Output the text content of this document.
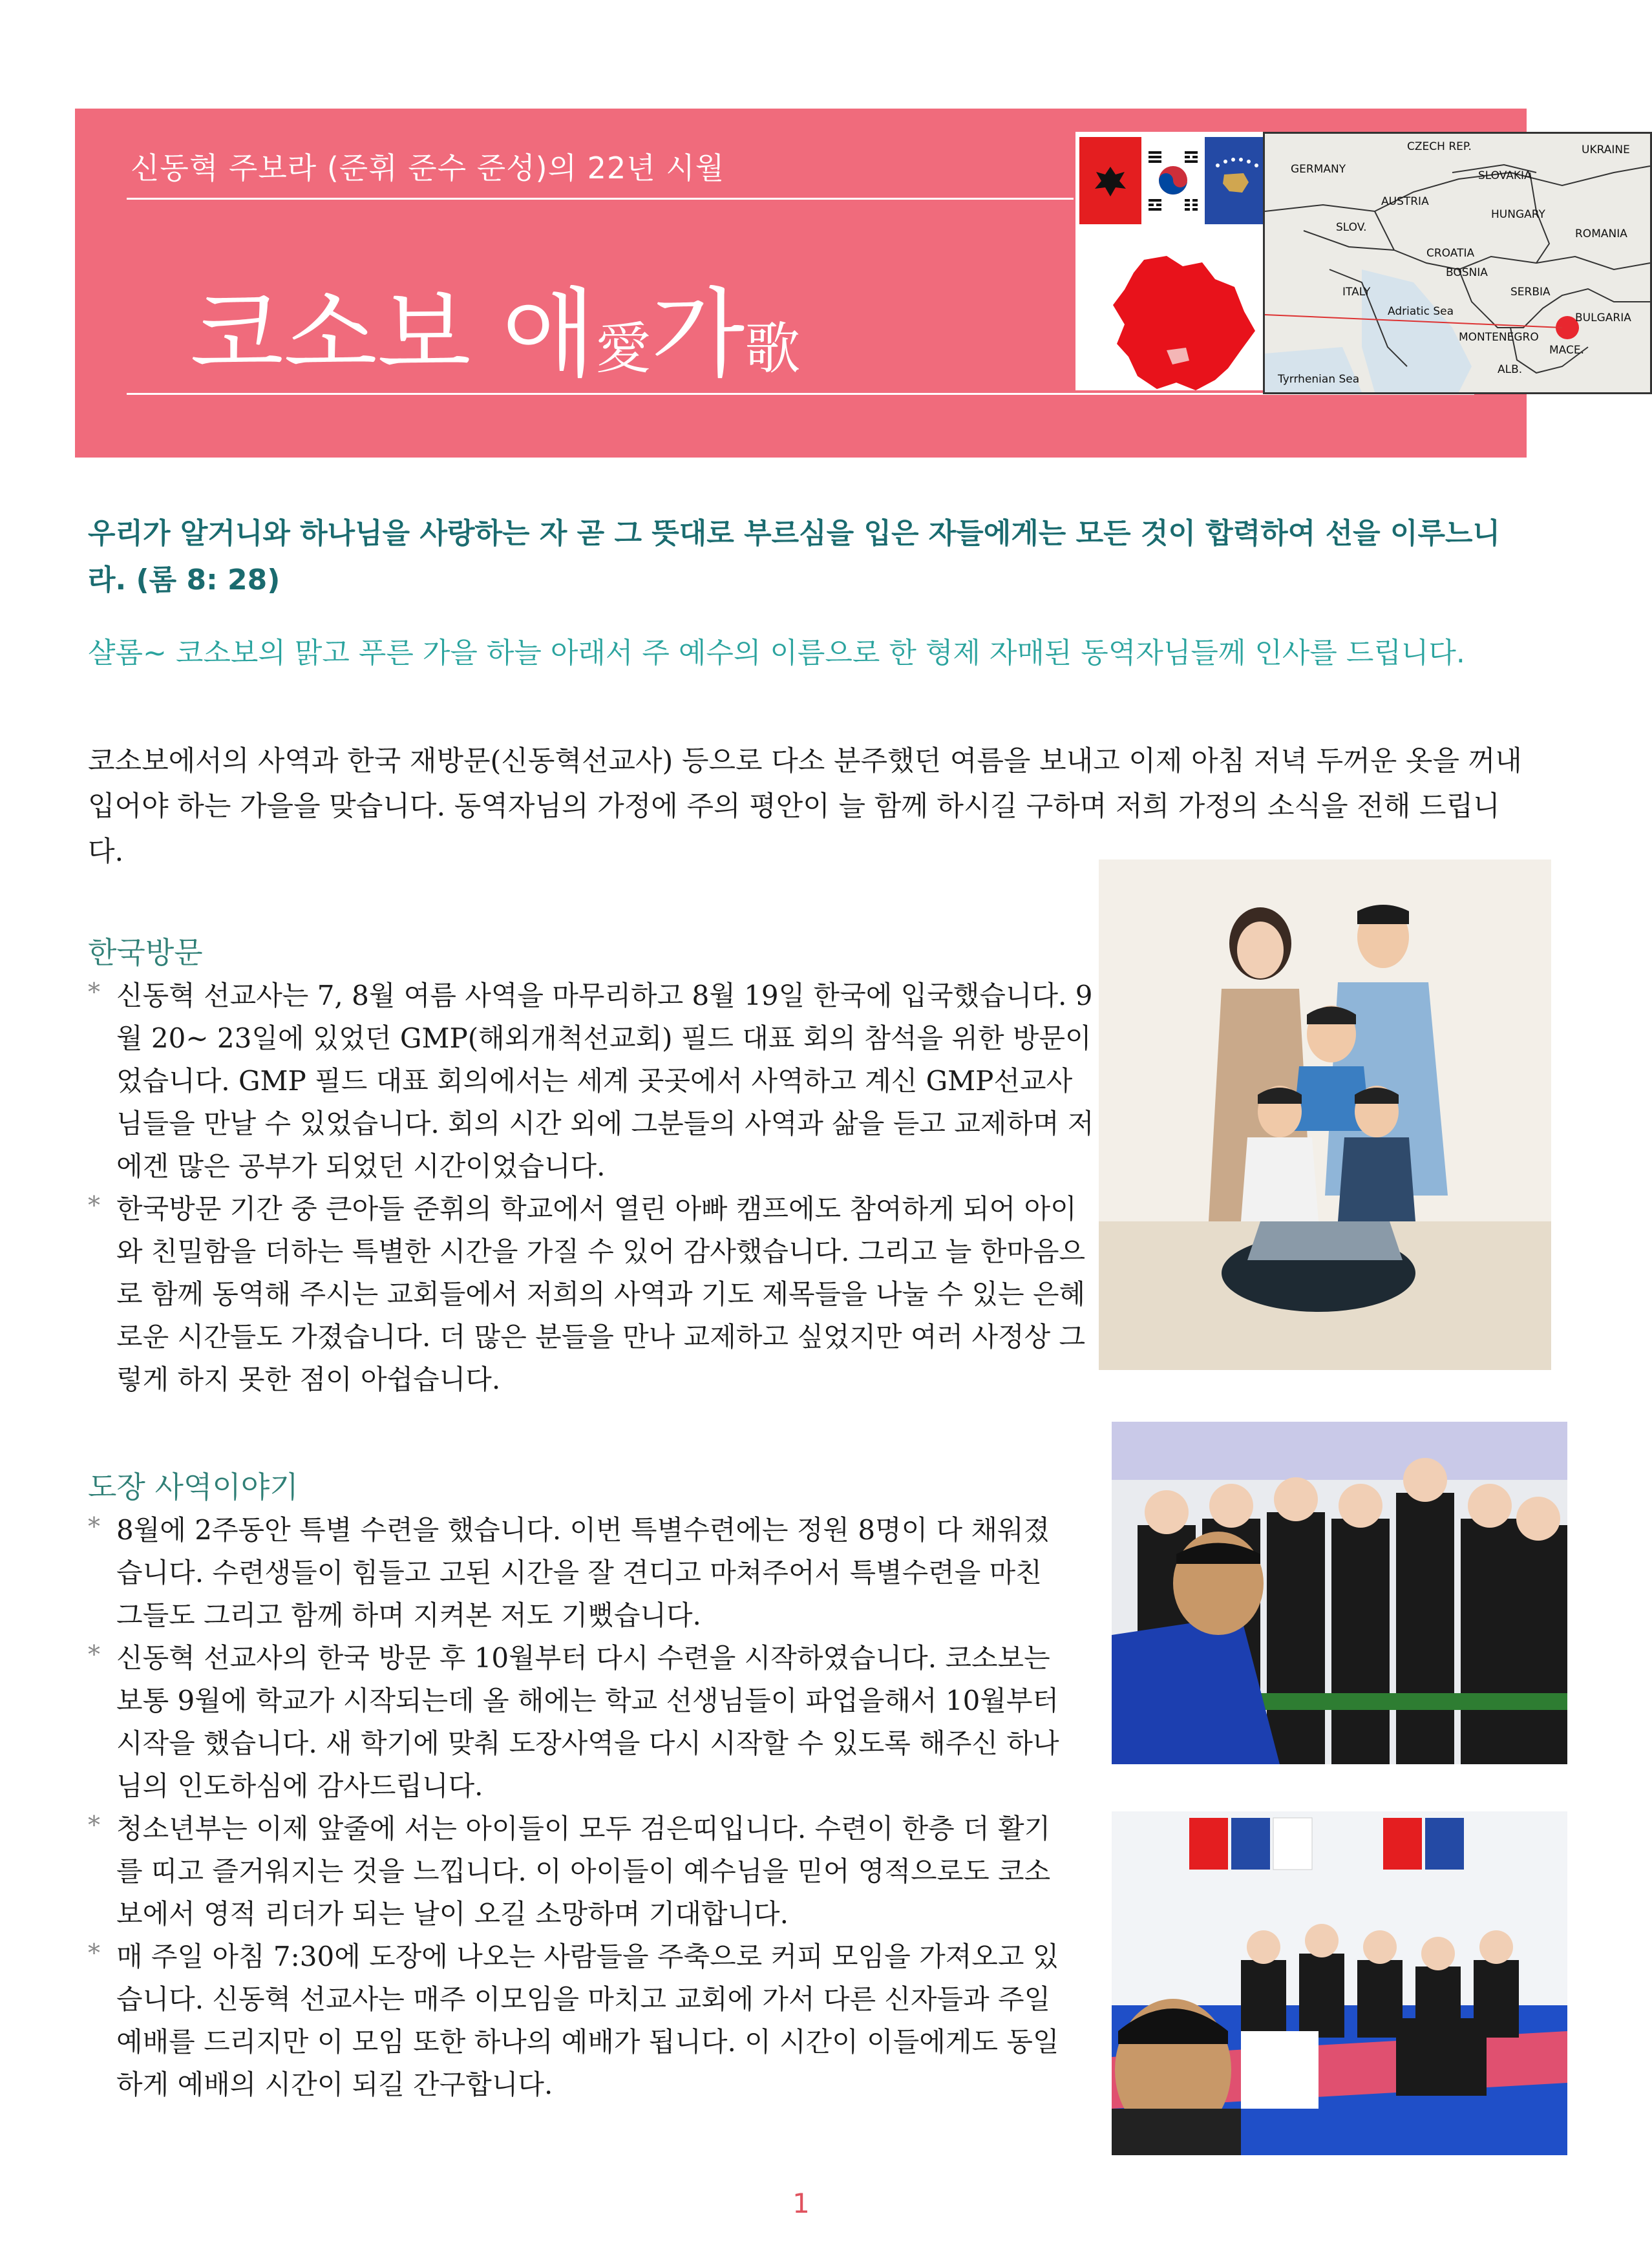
신동혁 주보라 (준휘 준수 준성)의 22년 시월
코소보 애愛가歌
GERMANY
CZECH REP.	UKRAINE
SLOVAKIA
AUSTRIA
HUNGARY
SLOV.
CROATIA
ROMANIA
BOSNIA
SERBIA
BULGARIA
ITALY
Adriatic Sea
MONTENEGRO
ALB.
MACE.
Tyrrhenian Sea
우리가 알거니와 하나님을 사랑하는 자 곧 그 뜻대로 부르심을 입은 자들에게는 모든 것이 합력하여 선을 이루느니라. (롬 8: 28)
샬롬~ 코소보의 맑고 푸른 가을 하늘 아래서 주 예수의 이름으로 한 형제 자매된 동역자님들께 인사를 드립니다.
코소보에서의 사역과 한국 재방문(신동혁선교사) 등으로 다소 분주했던 여름을 보내고 이제 아침 저녁 두꺼운 옷을 꺼내 입어야 하는 가을을 맞습니다. 동역자님의 가정에 주의 평안이 늘 함께 하시길 구하며 저희 가정의 소식을 전해 드립니다.
한국방문
* 신동혁 선교사는 7, 8월 여름 사역을 마무리하고 8월 19일 한국에 입국했습니다. 9월 20~ 23일에 있었던 GMP(해외개척선교회) 필드 대표 회의 참석을 위한 방문이었습니다. GMP 필드 대표 회의에서는 세계 곳곳에서 사역하고 계신 GMP선교사님들을 만날 수 있었습니다. 회의 시간 외에 그분들의 사역과 삶을 듣고 교제하며 저에겐 많은 공부가 되었던 시간이었습니다.
* 한국방문 기간 중 큰아들 준휘의 학교에서 열린 아빠 캠프에도 참여하게 되어 아이와 친밀함을 더하는 특별한 시간을 가질 수 있어 감사했습니다. 그리고 늘 한마음으로 함께 동역해 주시는 교회들에서 저희의 사역과 기도 제목들을 나눌 수 있는 은혜로운 시간들도 가졌습니다. 더 많은 분들을 만나 교제하고 싶었지만 여러 사정상 그렇게 하지 못한 점이 아쉽습니다.
도장 사역이야기
* 8월에 2주동안 특별 수련을 했습니다. 이번 특별수련에는 정원 8명이 다 채워졌습니다. 수련생들이 힘들고 고된 시간을 잘 견디고 마쳐주어서 특별수련을 마친 그들도 그리고 함께 하며 지켜본 저도 기뻤습니다.
* 신동혁 선교사의 한국 방문 후 10월부터 다시 수련을 시작하였습니다. 코소보는 보통 9월에 학교가 시작되는데 올 해에는 학교 선생님들이 파업을해서 10월부터 시작을 했습니다. 새 학기에 맞춰 도장사역을 다시 시작할 수 있도록 해주신 하나님의 인도하심에 감사드립니다.
* 청소년부는 이제 앞줄에 서는 아이들이 모두 검은띠입니다. 수련이 한층 더 활기를 띠고 즐거워지는 것을 느낍니다. 이 아이들이 예수님을 믿어 영적으로도 코소보에서 영적 리더가 되는 날이 오길 소망하며 기대합니다.
* 매 주일 아침 7:30에 도장에 나오는 사람들을 주축으로 커피 모임을 가져오고 있습니다. 신동혁 선교사는 매주 이모임을 마치고 교회에 가서 다른 신자들과 주일예배를 드리지만 이 모임 또한 하나의 예배가 됩니다. 이 시간이 이들에게도 동일하게 예배의 시간이 되길 간구합니다.
1
